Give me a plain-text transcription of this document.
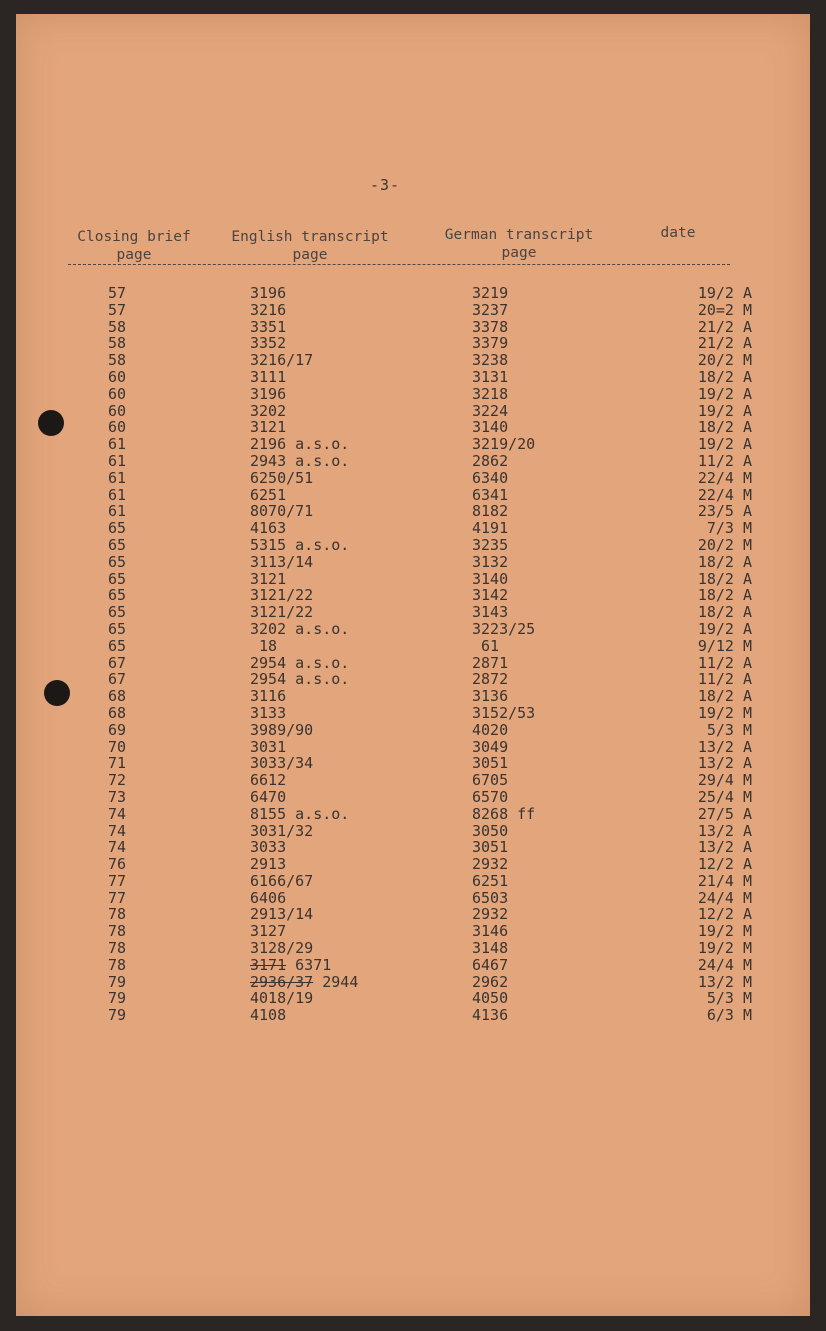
-3-
Closing brief
page
English transcript
page
German transcript
page
date
57		3196	3219	19/2 A
57		3216	3237	20=2 M
58		3351	3378	21/2 A
58		3352	3379	21/2 A
58		3216/17	3238	20/2 M
60		3111	3131	18/2 A
60		3196	3218	19/2 A
60		3202	3224	19/2 A
60		3121	3140	18/2 A
61		2196 a.s.o.	3219/20	19/2 A
61		2943 a.s.o.	2862	11/2 A
61		6250/51	6340	22/4 M
61		6251	6341	22/4 M
61		8070/71	8182	23/5 A
65		4163	4191	7/3 M
65		5315 a.s.o.	3235	20/2 M
65		3113/14	3132	18/2 A
65		3121	3140	18/2 A
65		3121/22	3142	18/2 A
65		3121/22	3143	18/2 A
65		3202 a.s.o.	3223/25	19/2 A
65		18	61	9/12 M
67		2954 a.s.o.	2871	11/2 A
67		2954 a.s.o.	2872	11/2 A
68		3116	3136	18/2 A
68		3133	3152/53	19/2 M
69		3989/90	4020	5/3 M
70		3031	3049	13/2 A
71		3033/34	3051	13/2 A
72		6612	6705	29/4 M
73		6470	6570	25/4 M
74		8155 a.s.o.	8268 ff	27/5 A
74		3031/32	3050	13/2 A
74		3033	3051	13/2 A
76		2913	2932	12/2 A
77		6166/67	6251	21/4 M
77		6406	6503	24/4 M
78		2913/14	2932	12/2 A
78		3127	3146	19/2 M
78		3128/29	3148	19/2 M
78		3171 6371	6467	24/4 M
79		2936/37 2944	2962	13/2 M
79		4018/19	4050	5/3 M
79		4108	4136	6/3 M
